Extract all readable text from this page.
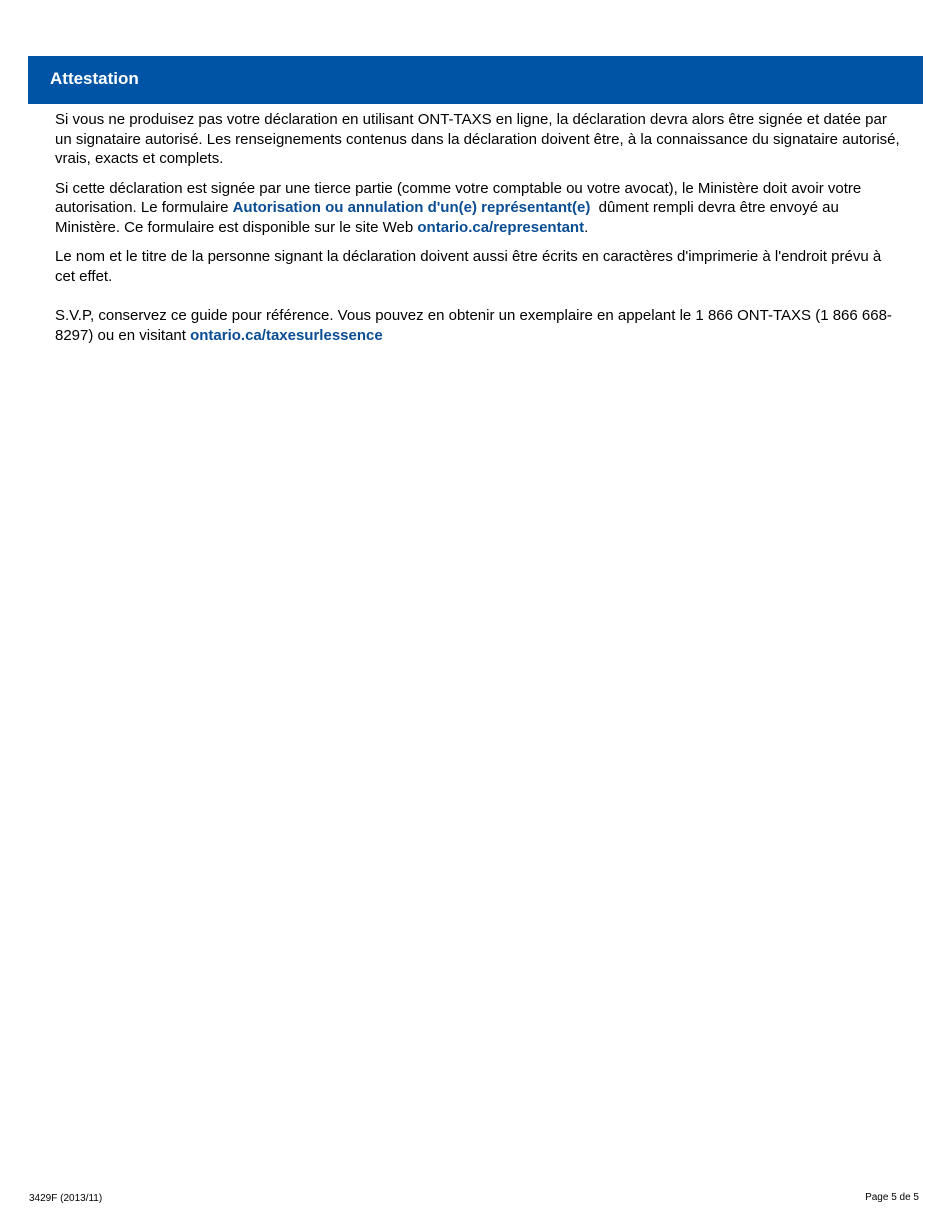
Attestation

Si vous ne produisez pas votre déclaration en utilisant ONT-TAXS en ligne, la déclaration devra alors être signée et datée par un signataire autorisé. Les renseignements contenus dans la déclaration doivent être, à la connaissance du signataire autorisé, vrais, exacts et complets.

Si cette déclaration est signée par une tierce partie (comme votre comptable ou votre avocat), le Ministère doit avoir votre autorisation. Le formulaire Autorisation ou annulation d'un(e) représentant(e)  dûment rempli devra être envoyé au Ministère. Ce formulaire est disponible sur le site Web ontario.ca/representant.

Le nom et le titre de la personne signant la déclaration doivent aussi être écrits en caractères d'imprimerie à l'endroit prévu à cet effet.

S.V.P, conservez ce guide pour référence. Vous pouvez en obtenir un exemplaire en appelant le 1 866 ONT-TAXS (1 866 668-8297) ou en visitant ontario.ca/taxesurlessence

3429F (2013/11)	Page 5 de 5
